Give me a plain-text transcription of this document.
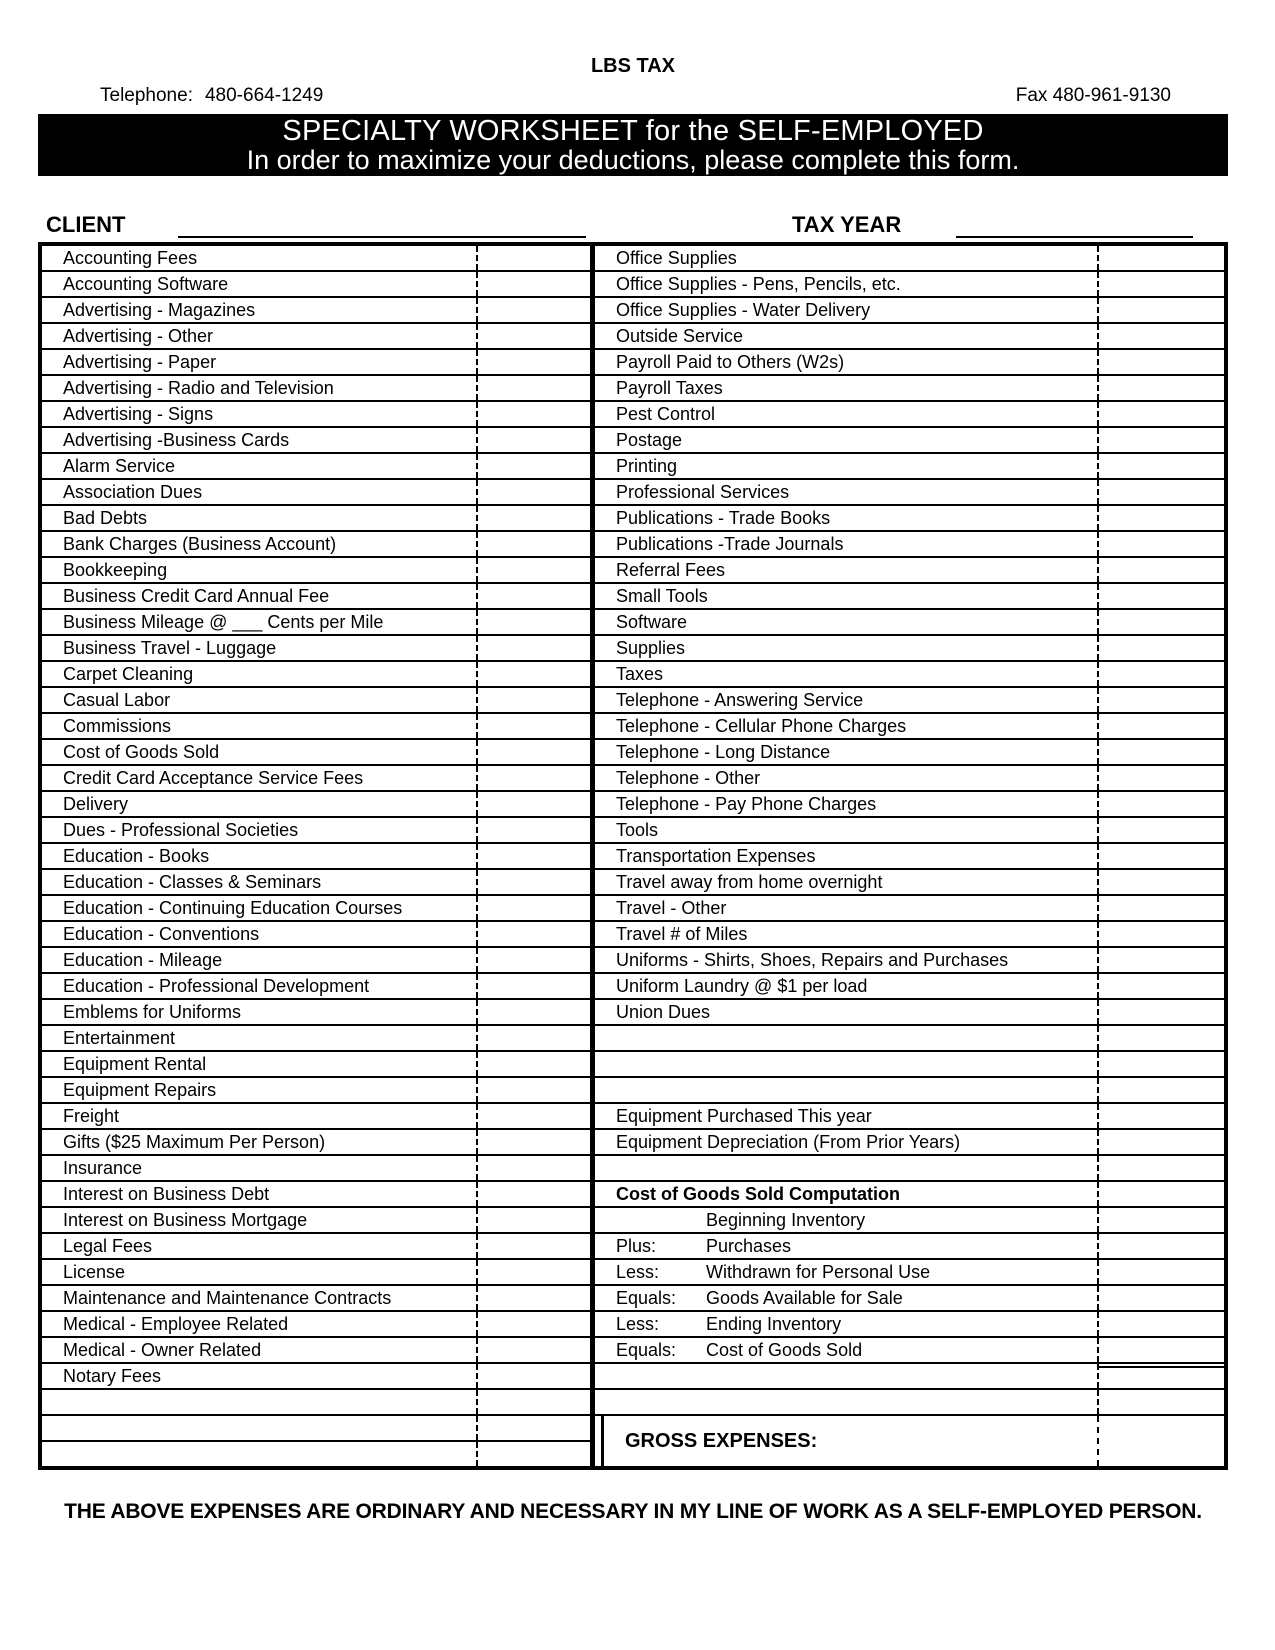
LBS TAX
Telephone: 480-664-1249	Fax 480-961-9130
SPECIALTY WORKSHEET for the SELF-EMPLOYED
In order to maximize your deductions, please complete this form.
CLIENT	TAX YEAR
Accounting Fees
Accounting Software
Advertising - Magazines
Advertising - Other
Advertising - Paper
Advertising - Radio and Television
Advertising - Signs
Advertising -Business Cards
Alarm Service
Association Dues
Bad Debts
Bank Charges (Business Account)
Bookkeeping
Business Credit Card Annual Fee
Business Mileage @ ___ Cents per Mile
Business Travel - Luggage
Carpet Cleaning
Casual Labor
Commissions
Cost of Goods Sold
Credit Card Acceptance Service Fees
Delivery
Dues - Professional Societies
Education - Books
Education - Classes & Seminars
Education - Continuing Education Courses
Education - Conventions
Education - Mileage
Education - Professional Development
Emblems for Uniforms
Entertainment
Equipment Rental
Equipment Repairs
Freight
Gifts ($25 Maximum Per Person)
Insurance
Interest on Business Debt
Interest on Business Mortgage
Legal Fees
License
Maintenance and Maintenance Contracts
Medical - Employee Related
Medical - Owner Related
Notary Fees
Office Supplies
Office Supplies - Pens, Pencils, etc.
Office Supplies - Water Delivery
Outside Service
Payroll Paid to Others (W2s)
Payroll Taxes
Pest Control
Postage
Printing
Professional Services
Publications - Trade Books
Publications -Trade Journals
Referral Fees
Small Tools
Software
Supplies
Taxes
Telephone - Answering Service
Telephone - Cellular Phone Charges
Telephone - Long Distance
Telephone - Other
Telephone - Pay Phone Charges
Tools
Transportation Expenses
Travel away from home overnight
Travel - Other
Travel # of Miles
Uniforms - Shirts, Shoes, Repairs and Purchases
Uniform Laundry @ $1 per load
Union Dues
Equipment Purchased This year
Equipment Depreciation (From Prior Years)
Cost of Goods Sold Computation
Beginning Inventory
Plus:	Purchases
Less:	Withdrawn for Personal Use
Equals:	Goods Available for Sale
Less:	Ending Inventory
Equals:	Cost of Goods Sold
GROSS EXPENSES:
THE ABOVE EXPENSES ARE ORDINARY AND NECESSARY IN MY LINE OF WORK AS A SELF-EMPLOYED PERSON.
